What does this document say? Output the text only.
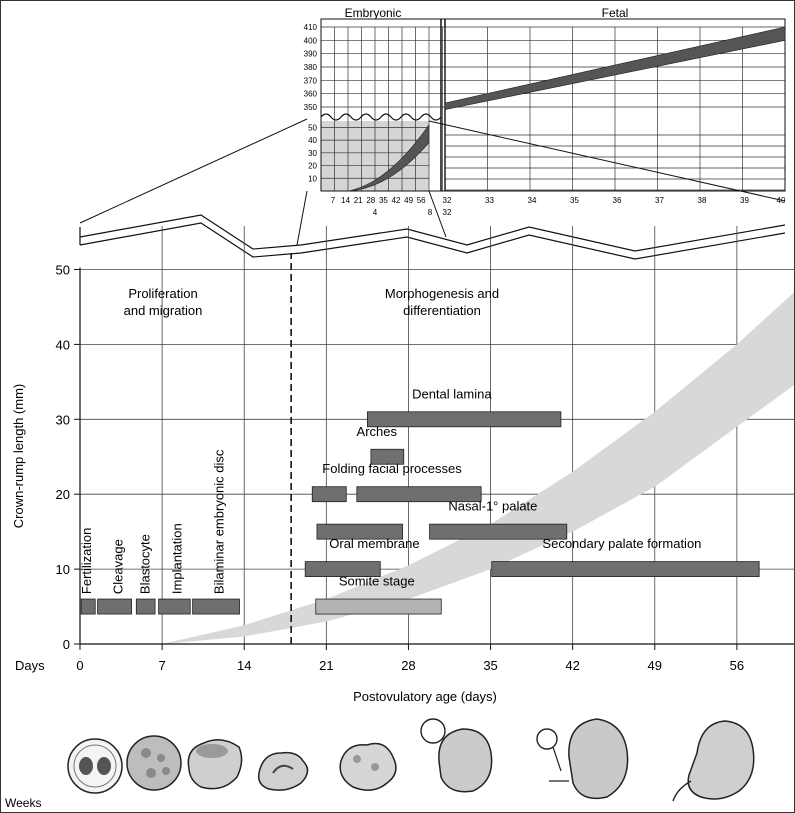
Embryonic	Fetal
350
360
370
380
390
400
410
10
20
30
40
50
7 14 21 28 35 42 49 56
4	8 32
32	33	34	35	36	37	38	39	40
Somite stage
Oral membrane	Secondary palate formation
Nasal-1° palate
Folding facial processes
Arches
Dental lamina
Fertilization Cleavage Blastocyte Implantation Bilaminar embryonic disc
0
10
20
30
40
50
0	7	14	21	28	35	42	49	56
Proliferation
and migration
Morphogenesis and
differentiation
Postovulatory age (days)
Crown-rump length (mm)
Days
Weeks
